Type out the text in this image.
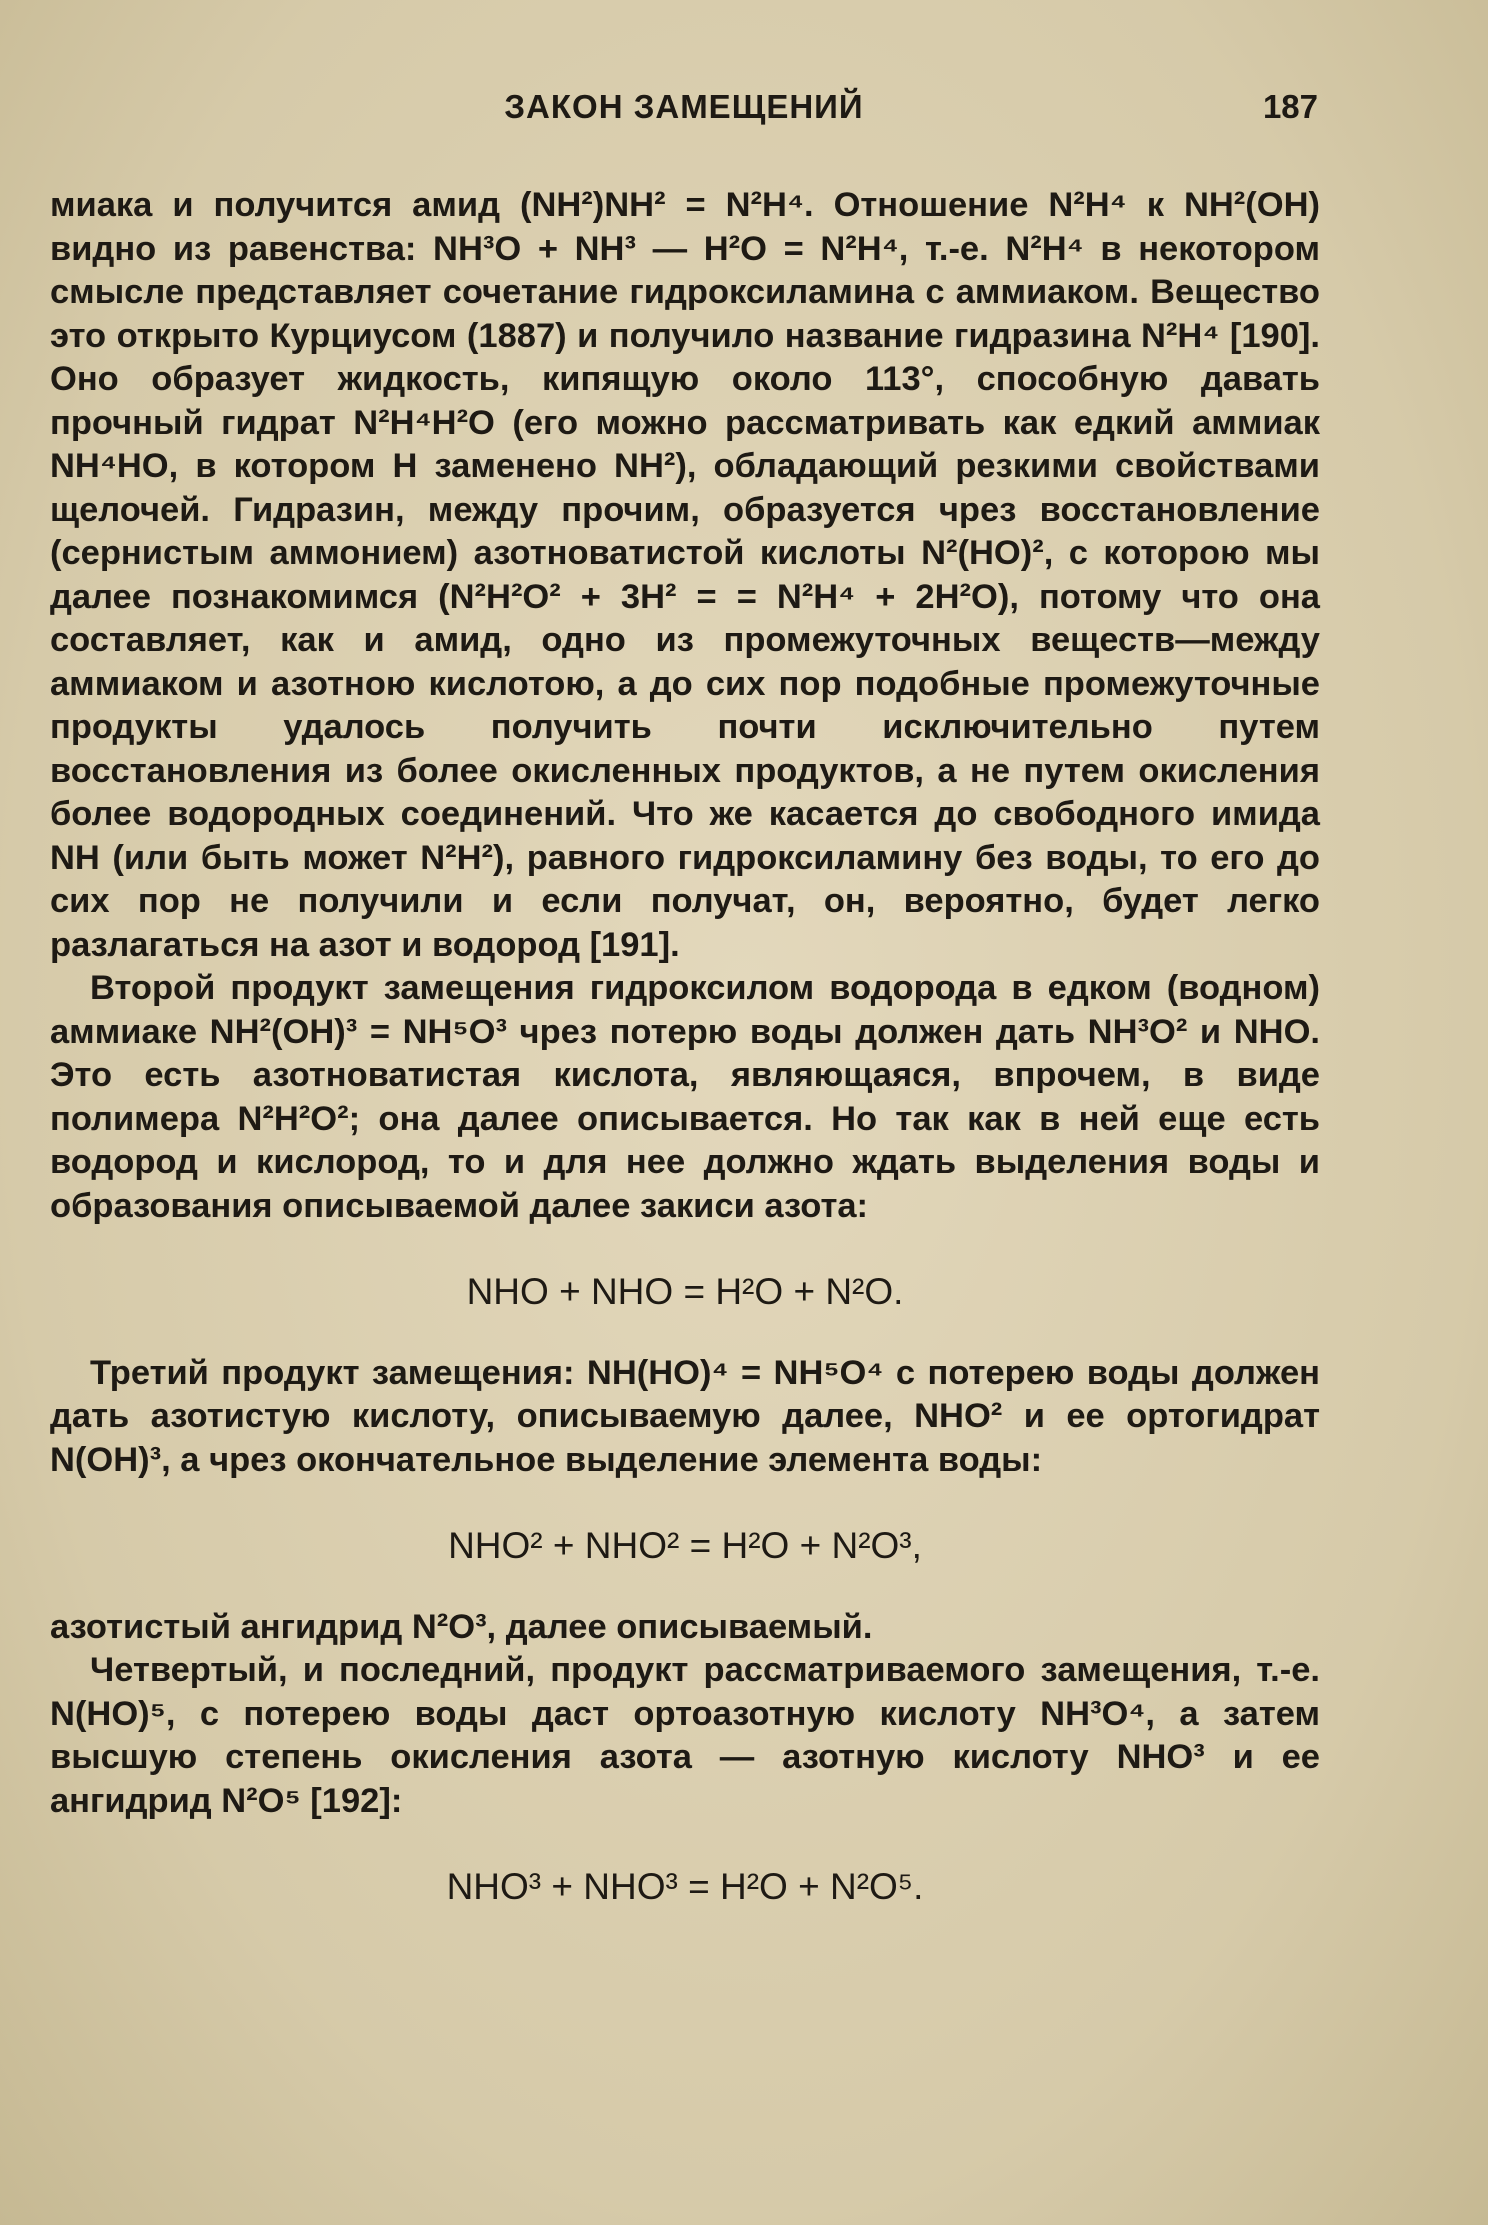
ЗАКОН ЗАМЕЩЕНИЙ	187

миака и получится амид (NH²)NH² = N²H⁴. Отношение N²H⁴ к NH²(OH) видно из равенства: NH³O + NH³ — H²O = N²H⁴, т.-е. N²H⁴ в некотором смысле представляет сочетание гидроксиламина с аммиаком. Вещество это открыто Курциусом (1887) и получило название гидразина N²H⁴ [190]. Оно образует жидкость, кипящую около 113°, способную давать прочный гидрат N²H⁴H²O (его можно рассматривать как едкий аммиак NH⁴HO, в котором H заменено NH²), обладающий резкими свойствами щелочей. Гидразин, между прочим, образуется чрез восстановление (сернистым аммонием) азотноватистой кислоты N²(HO)², с которою мы далее познакомимся (N²H²O² + 3H² = = N²H⁴ + 2H²O), потому что она составляет, как и амид, одно из промежуточных веществ—между аммиаком и азотною кислотою, а до сих пор подобные промежуточные продукты удалось получить почти исключительно путем восстановления из более окисленных продуктов, а не путем окисления более водородных соединений. Что же касается до свободного имида NH (или быть может N²H²), равного гидроксиламину без воды, то его до сих пор не получили и если получат, он, вероятно, будет легко разлагаться на азот и водород [191].

Второй продукт замещения гидроксилом водорода в едком (водном) аммиаке NH²(OH)³ = NH⁵O³ чрез потерю воды должен дать NH³O² и NHO. Это есть азотноватистая кислота, являющаяся, впрочем, в виде полимера N²H²O²; она далее описывается. Но так как в ней еще есть водород и кислород, то и для нее должно ждать выделения воды и образования описываемой далее закиси азота:

NHO + NHO = H²O + N²O.

Третий продукт замещения: NH(HO)⁴ = NH⁵O⁴ с потерею воды должен дать азотистую кислоту, описываемую далее, NHO² и ее ортогидрат N(OH)³, а чрез окончательное выделение элемента воды:

NHO² + NHO² = H²O + N²O³,

азотистый ангидрид N²O³, далее описываемый.

Четвертый, и последний, продукт рассматриваемого замещения, т.-е. N(HO)⁵, с потерею воды даст ортоазотную кислоту NH³O⁴, а затем высшую степень окисления азота — азотную кислоту NHO³ и ее ангидрид N²O⁵ [192]:

NHO³ + NHO³ = H²O + N²O⁵.
